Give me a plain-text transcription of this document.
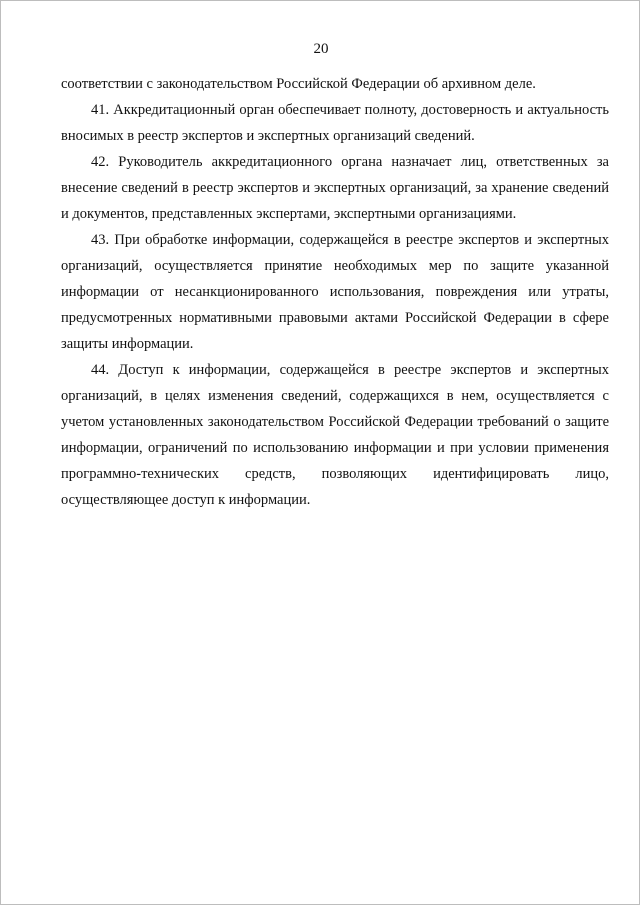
20

соответствии с законодательством Российской Федерации об архивном деле.

41. Аккредитационный орган обеспечивает полноту, достоверность и актуальность вносимых в реестр экспертов и экспертных организаций сведений.

42. Руководитель аккредитационного органа назначает лиц, ответственных за внесение сведений в реестр экспертов и экспертных организаций, за хранение сведений и документов, представленных экспертами, экспертными организациями.

43. При обработке информации, содержащейся в реестре экспертов и экспертных организаций, осуществляется принятие необходимых мер по защите указанной информации от несанкционированного использования, повреждения или утраты, предусмотренных нормативными правовыми актами Российской Федерации в сфере защиты информации.

44. Доступ к информации, содержащейся в реестре экспертов и экспертных организаций, в целях изменения сведений, содержащихся в нем, осуществляется с учетом установленных законодательством Российской Федерации требований о защите информации, ограничений по использованию информации и при условии применения программно-технических средств, позволяющих идентифицировать лицо, осуществляющее доступ к информации.
